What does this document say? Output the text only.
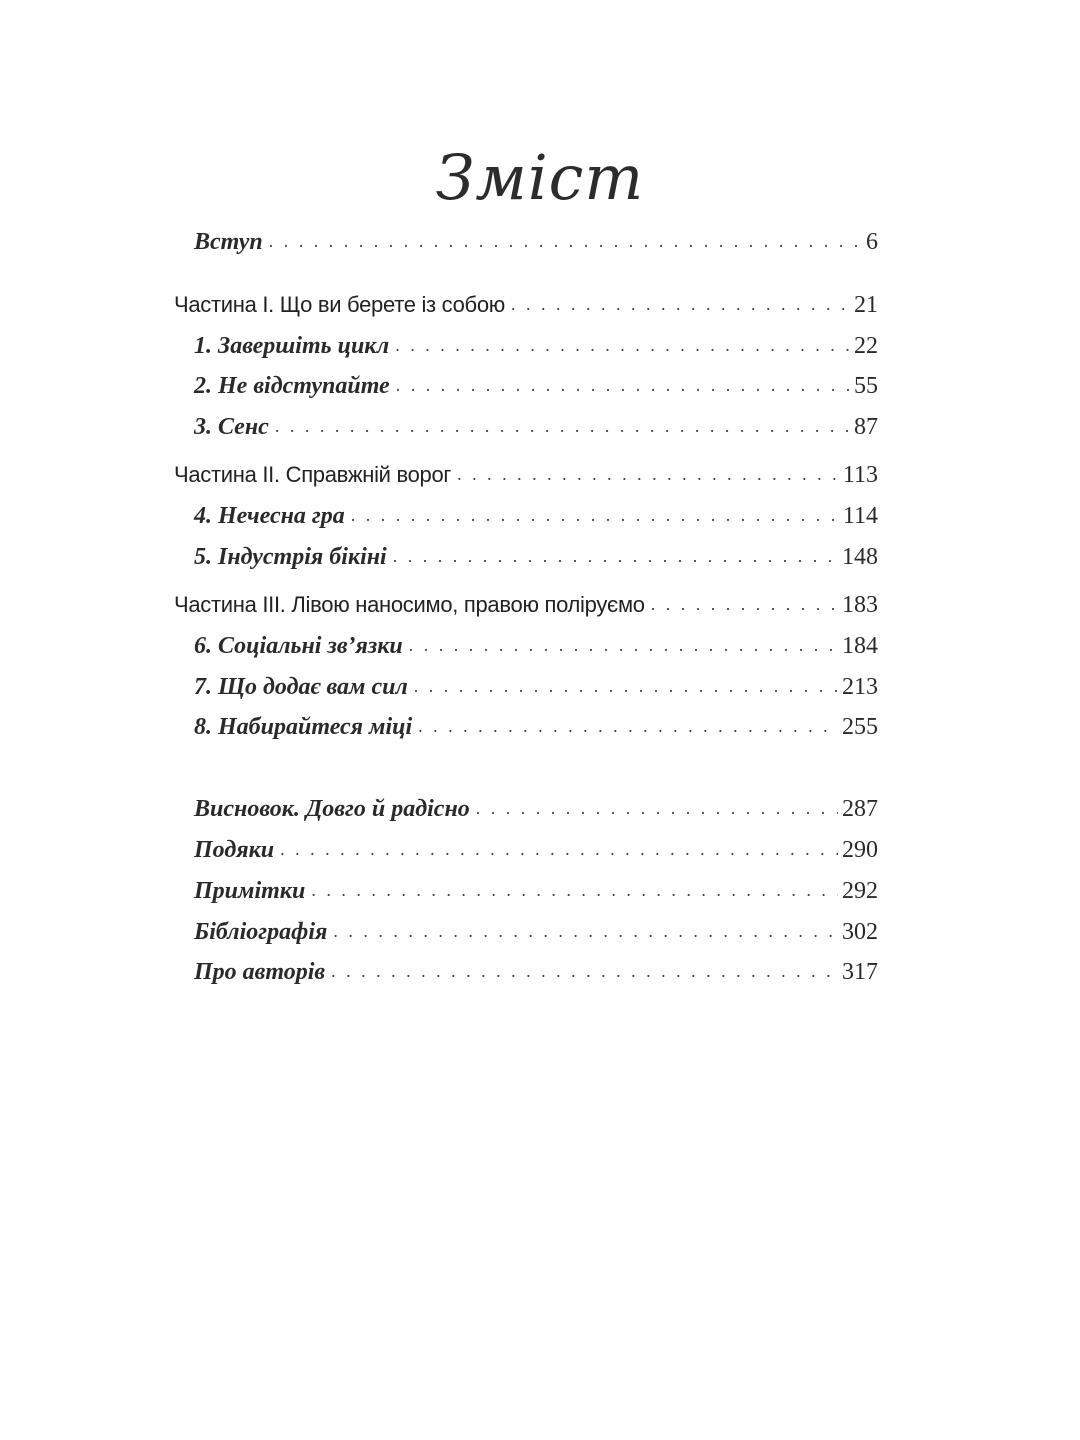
Зміст
Вступ . . .	6
Частина I. Що ви берете із собою . . .	21
1. Завершіть цикл . . .	22
2. Не відступайте . . .	55
3. Сенс . . .	87
Частина II. Справжній ворог . . .	113
4. Нечесна гра . . .	114
5. Індустрія бікіні . . .	148
Частина III. Лівою наносимо, правою поліруємо . . .	183
6. Соціальні зв’язки . . .	184
7. Що додає вам сил . . .	213
8. Набирайтеся міці . . .	255
Висновок. Довго й радісно . . .	287
Подяки . . .	290
Примітки . . .	292
Бібліографія . . .	302
Про авторів . . .	317
